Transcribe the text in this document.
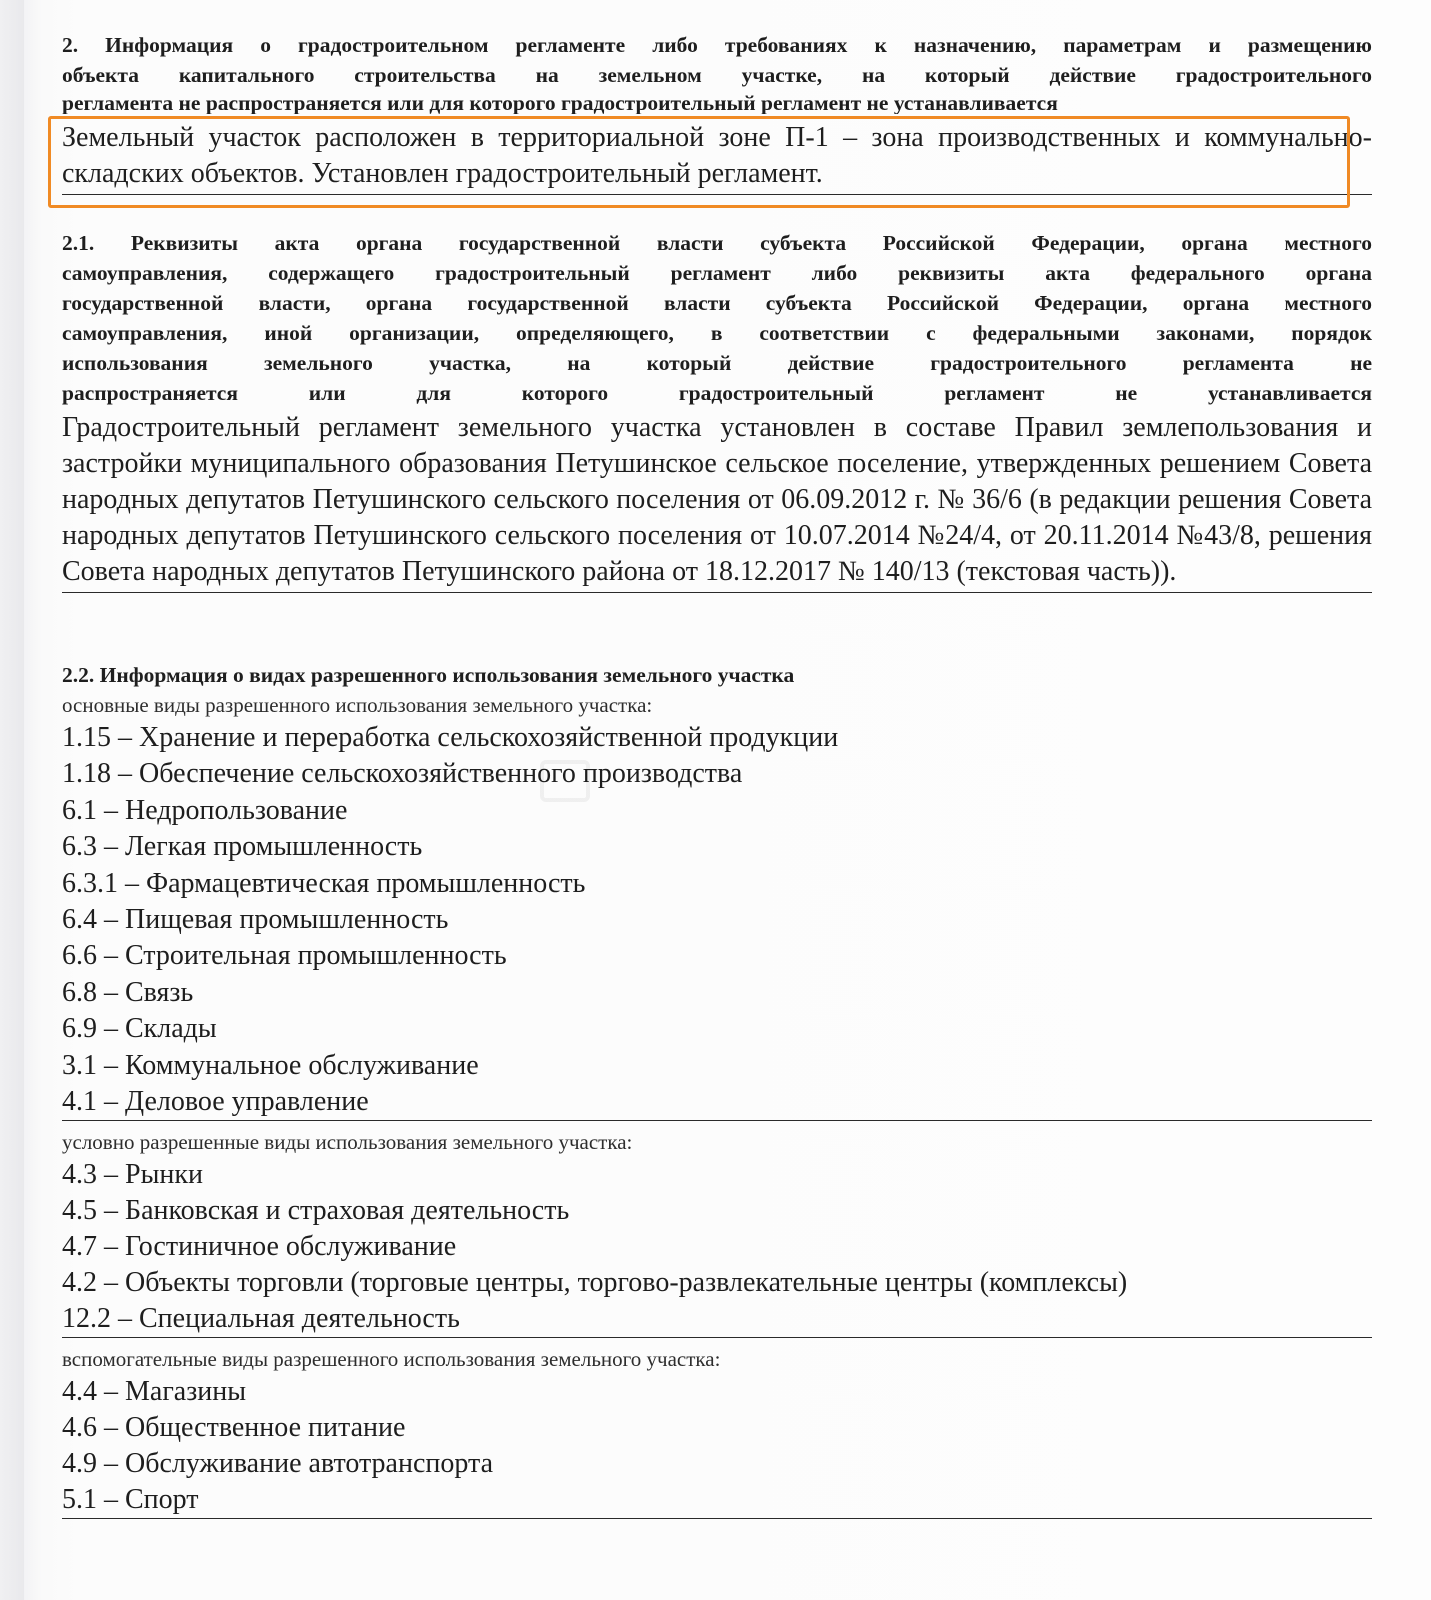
2. Информация о градостроительном регламенте либо требованиях к назначению, параметрам и размещению

объекта капитального строительства на земельном участке, на который действие градостроительного

регламента не распространяется или для которого градостроительный регламент не устанавливается

Земельный участок расположен в территориальной зоне П-1 – зона производственных и коммунально-складских объектов. Установлен градостроительный регламент.

2.1. Реквизиты акта органа государственной власти субъекта Российской Федерации, органа местного

самоуправления, содержащего градостроительный регламент либо реквизиты акта федерального органа

государственной власти, органа государственной власти субъекта Российской Федерации, органа местного

самоуправления, иной организации, определяющего, в соответствии с федеральными законами, порядок

использования земельного участка, на который действие градостроительного регламента не

распространяется или для которого градостроительный регламент не устанавливается

Градостроительный регламент земельного участка установлен в составе Правил землепользования и застройки муниципального образования Петушинское сельское поселение, утвержденных решением Совета народных депутатов Петушинского сельского поселения от 06.09.2012 г. № 36/6 (в редакции решения Совета народных депутатов Петушинского сельского поселения от 10.07.2014 №24/4, от 20.11.2014 №43/8, решения Совета народных депутатов Петушинского района от 18.12.2017 № 140/13 (текстовая часть)).

2.2. Информация о видах разрешенного использования земельного участка

основные виды разрешенного использования земельного участка:

1.15 – Хранение и переработка сельскохозяйственной продукции
1.18 – Обеспечение сельскохозяйственного производства
6.1 – Недропользование
6.3 – Легкая промышленность
6.3.1 – Фармацевтическая промышленность
6.4 – Пищевая промышленность
6.6 – Строительная промышленность
6.8 – Связь
6.9 – Склады
3.1 – Коммунальное обслуживание
4.1 – Деловое управление

условно разрешенные виды использования земельного участка:

4.3 – Рынки
4.5 – Банковская и страховая деятельность
4.7 – Гостиничное обслуживание
4.2 – Объекты торговли (торговые центры, торгово-развлекательные центры (комплексы)
12.2 – Специальная деятельность

вспомогательные виды разрешенного использования земельного участка:

4.4 – Магазины
4.6 – Общественное питание
4.9 – Обслуживание автотранспорта
5.1 – Спорт
